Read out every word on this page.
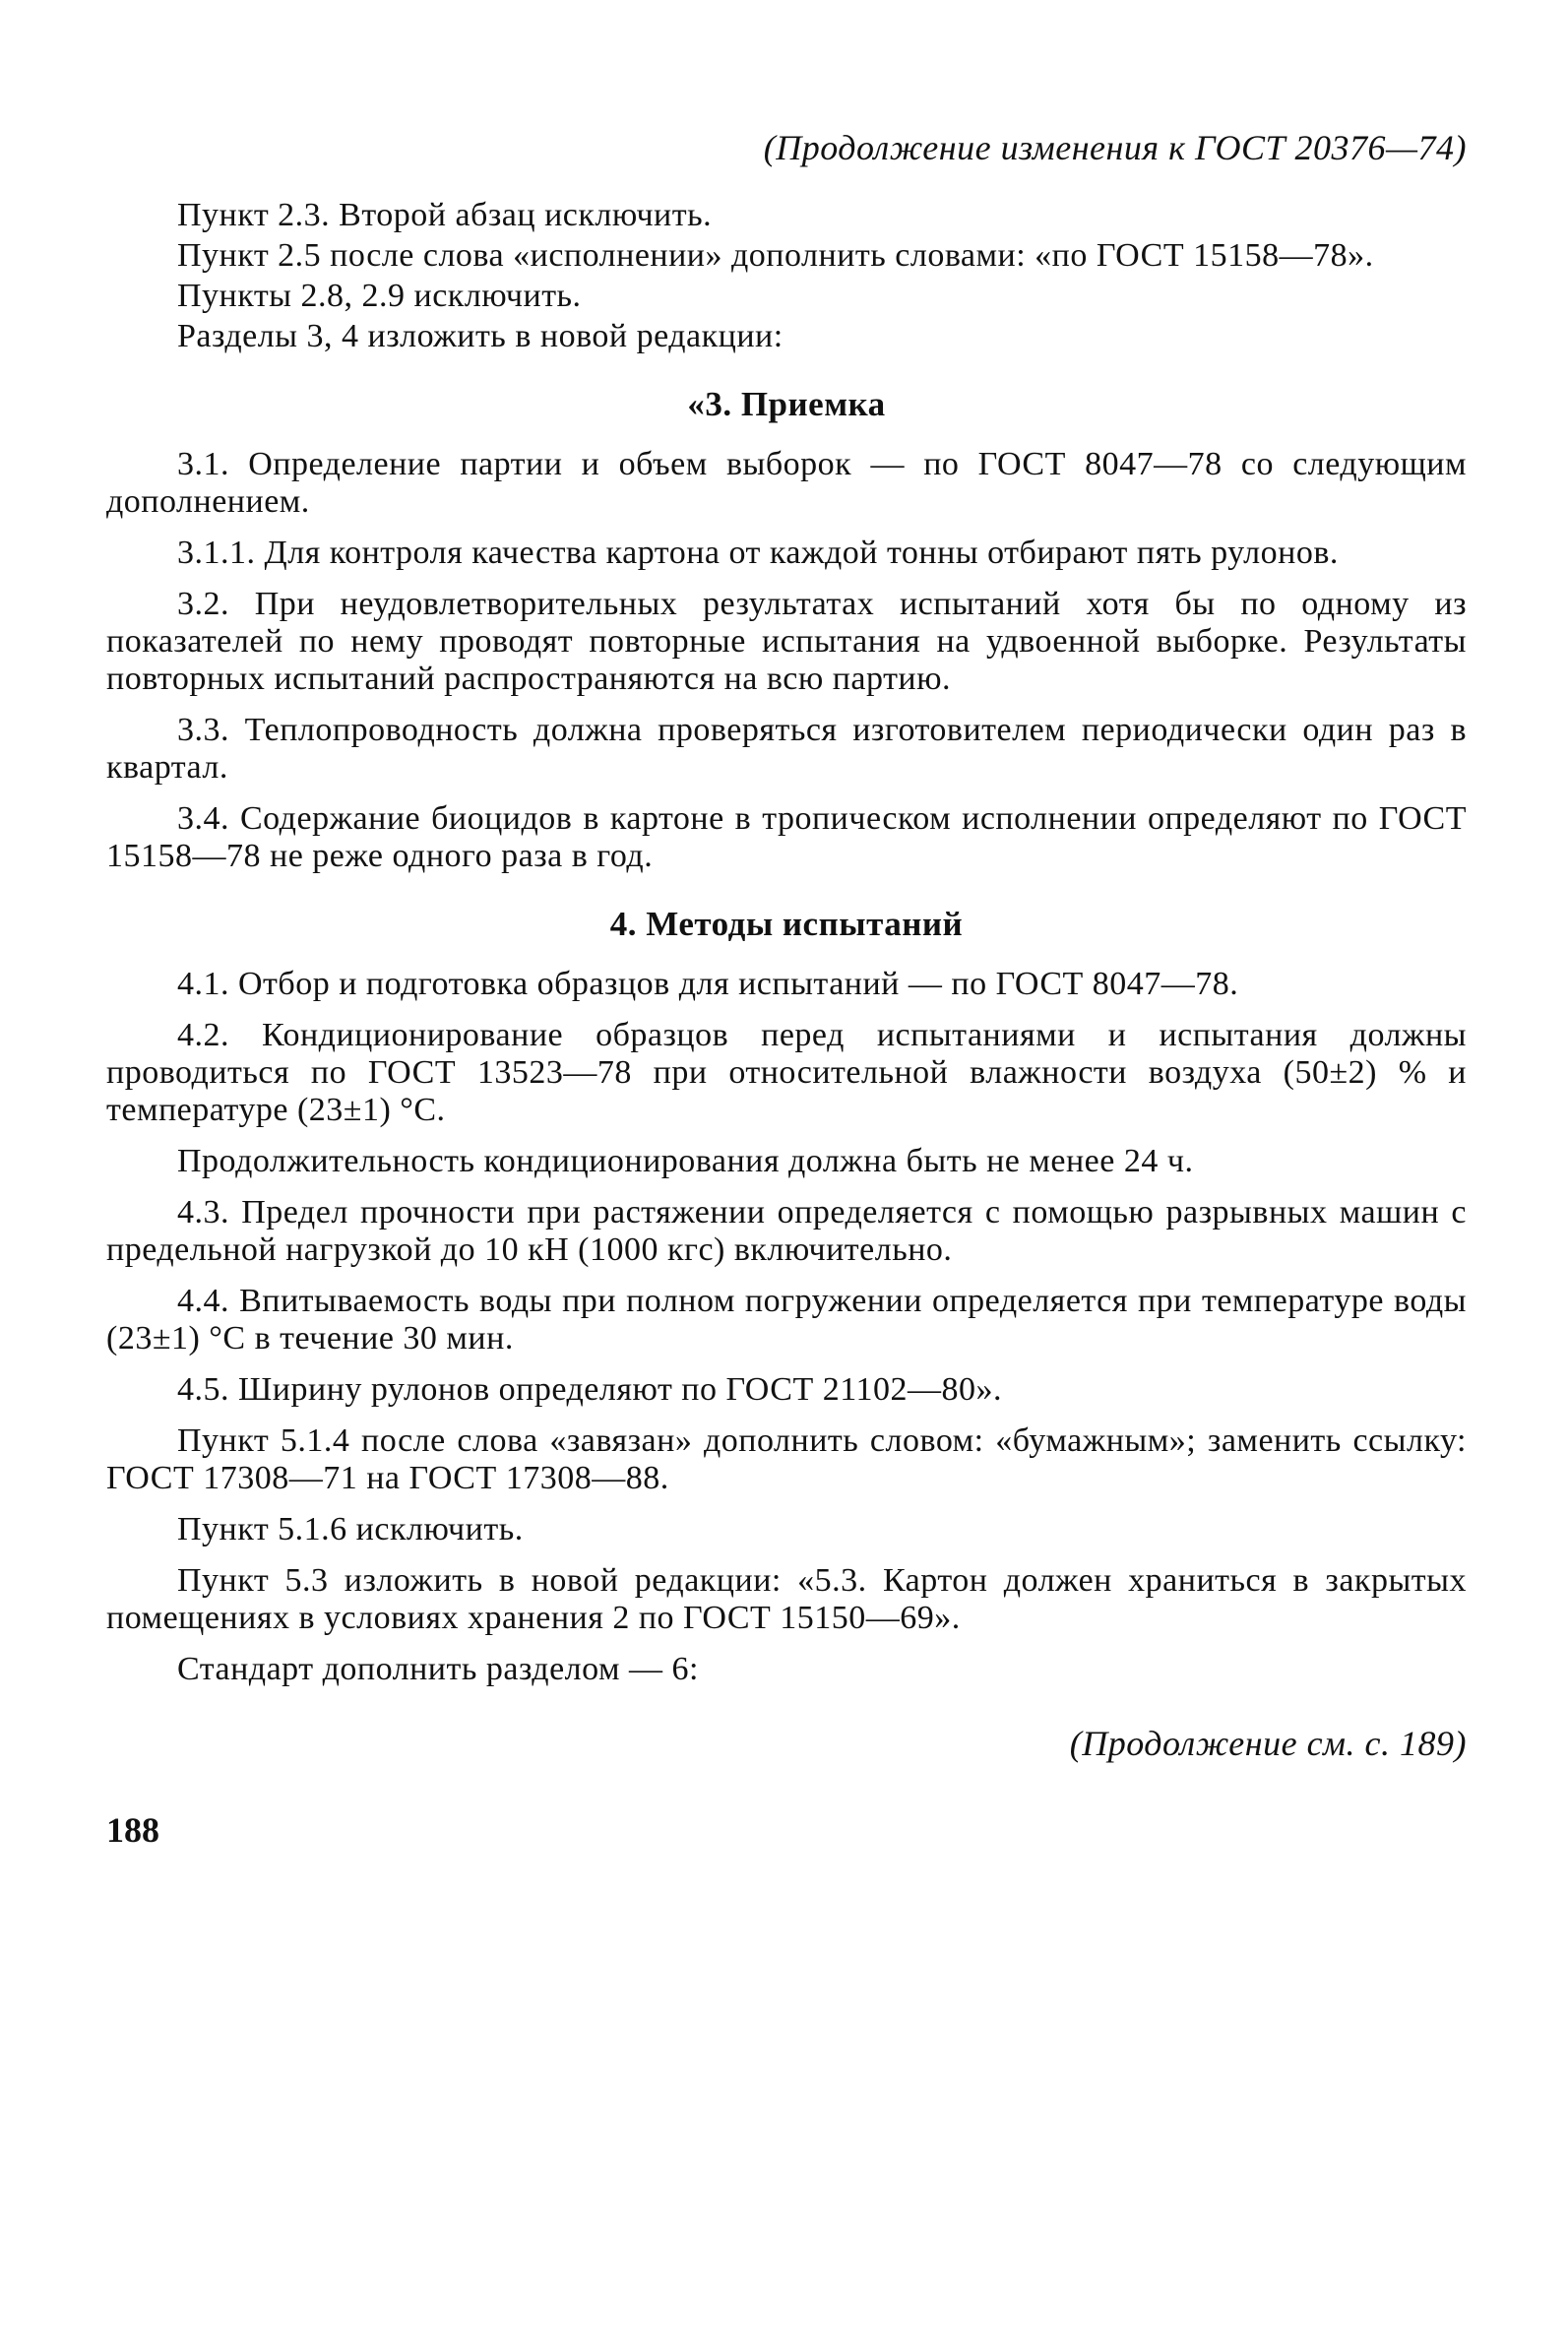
(Продолжение изменения к ГОСТ 20376—74)

Пункт 2.3. Второй абзац исключить.

Пункт 2.5 после слова «исполнении» дополнить словами: «по ГОСТ 15158—78».

Пункты 2.8, 2.9 исключить.

Разделы 3, 4 изложить в новой редакции:

«3. Приемка

3.1. Определение партии и объем выборок — по ГОСТ 8047—78 со следующим дополнением.

3.1.1. Для контроля качества картона от каждой тонны отбирают пять рулонов.

3.2. При неудовлетворительных результатах испытаний хотя бы по одному из показателей по нему проводят повторные испытания на удвоенной выборке. Результаты повторных испытаний распространяются на всю партию.

3.3. Теплопроводность должна проверяться изготовителем периодически один раз в квартал.

3.4. Содержание биоцидов в картоне в тропическом исполнении определяют по ГОСТ 15158—78 не реже одного раза в год.

4. Методы испытаний

4.1. Отбор и подготовка образцов для испытаний — по ГОСТ 8047—78.

4.2. Кондиционирование образцов перед испытаниями и испытания должны проводиться по ГОСТ 13523—78 при относительной влажности воздуха (50±2) % и температуре (23±1) °С.

Продолжительность кондиционирования должна быть не менее 24 ч.

4.3. Предел прочности при растяжении определяется с помощью разрывных машин с предельной нагрузкой до 10 кН (1000 кгс) включительно.

4.4. Впитываемость воды при полном погружении определяется при температуре воды (23±1) °С в течение 30 мин.

4.5. Ширину рулонов определяют по ГОСТ 21102—80».

Пункт 5.1.4 после слова «завязан» дополнить словом: «бумажным»; заменить ссылку: ГОСТ 17308—71 на ГОСТ 17308—88.

Пункт 5.1.6 исключить.

Пункт 5.3 изложить в новой редакции: «5.3. Картон должен храниться в закрытых помещениях в условиях хранения 2 по ГОСТ 15150—69».

Стандарт дополнить разделом — 6:

(Продолжение см. с. 189)
188
